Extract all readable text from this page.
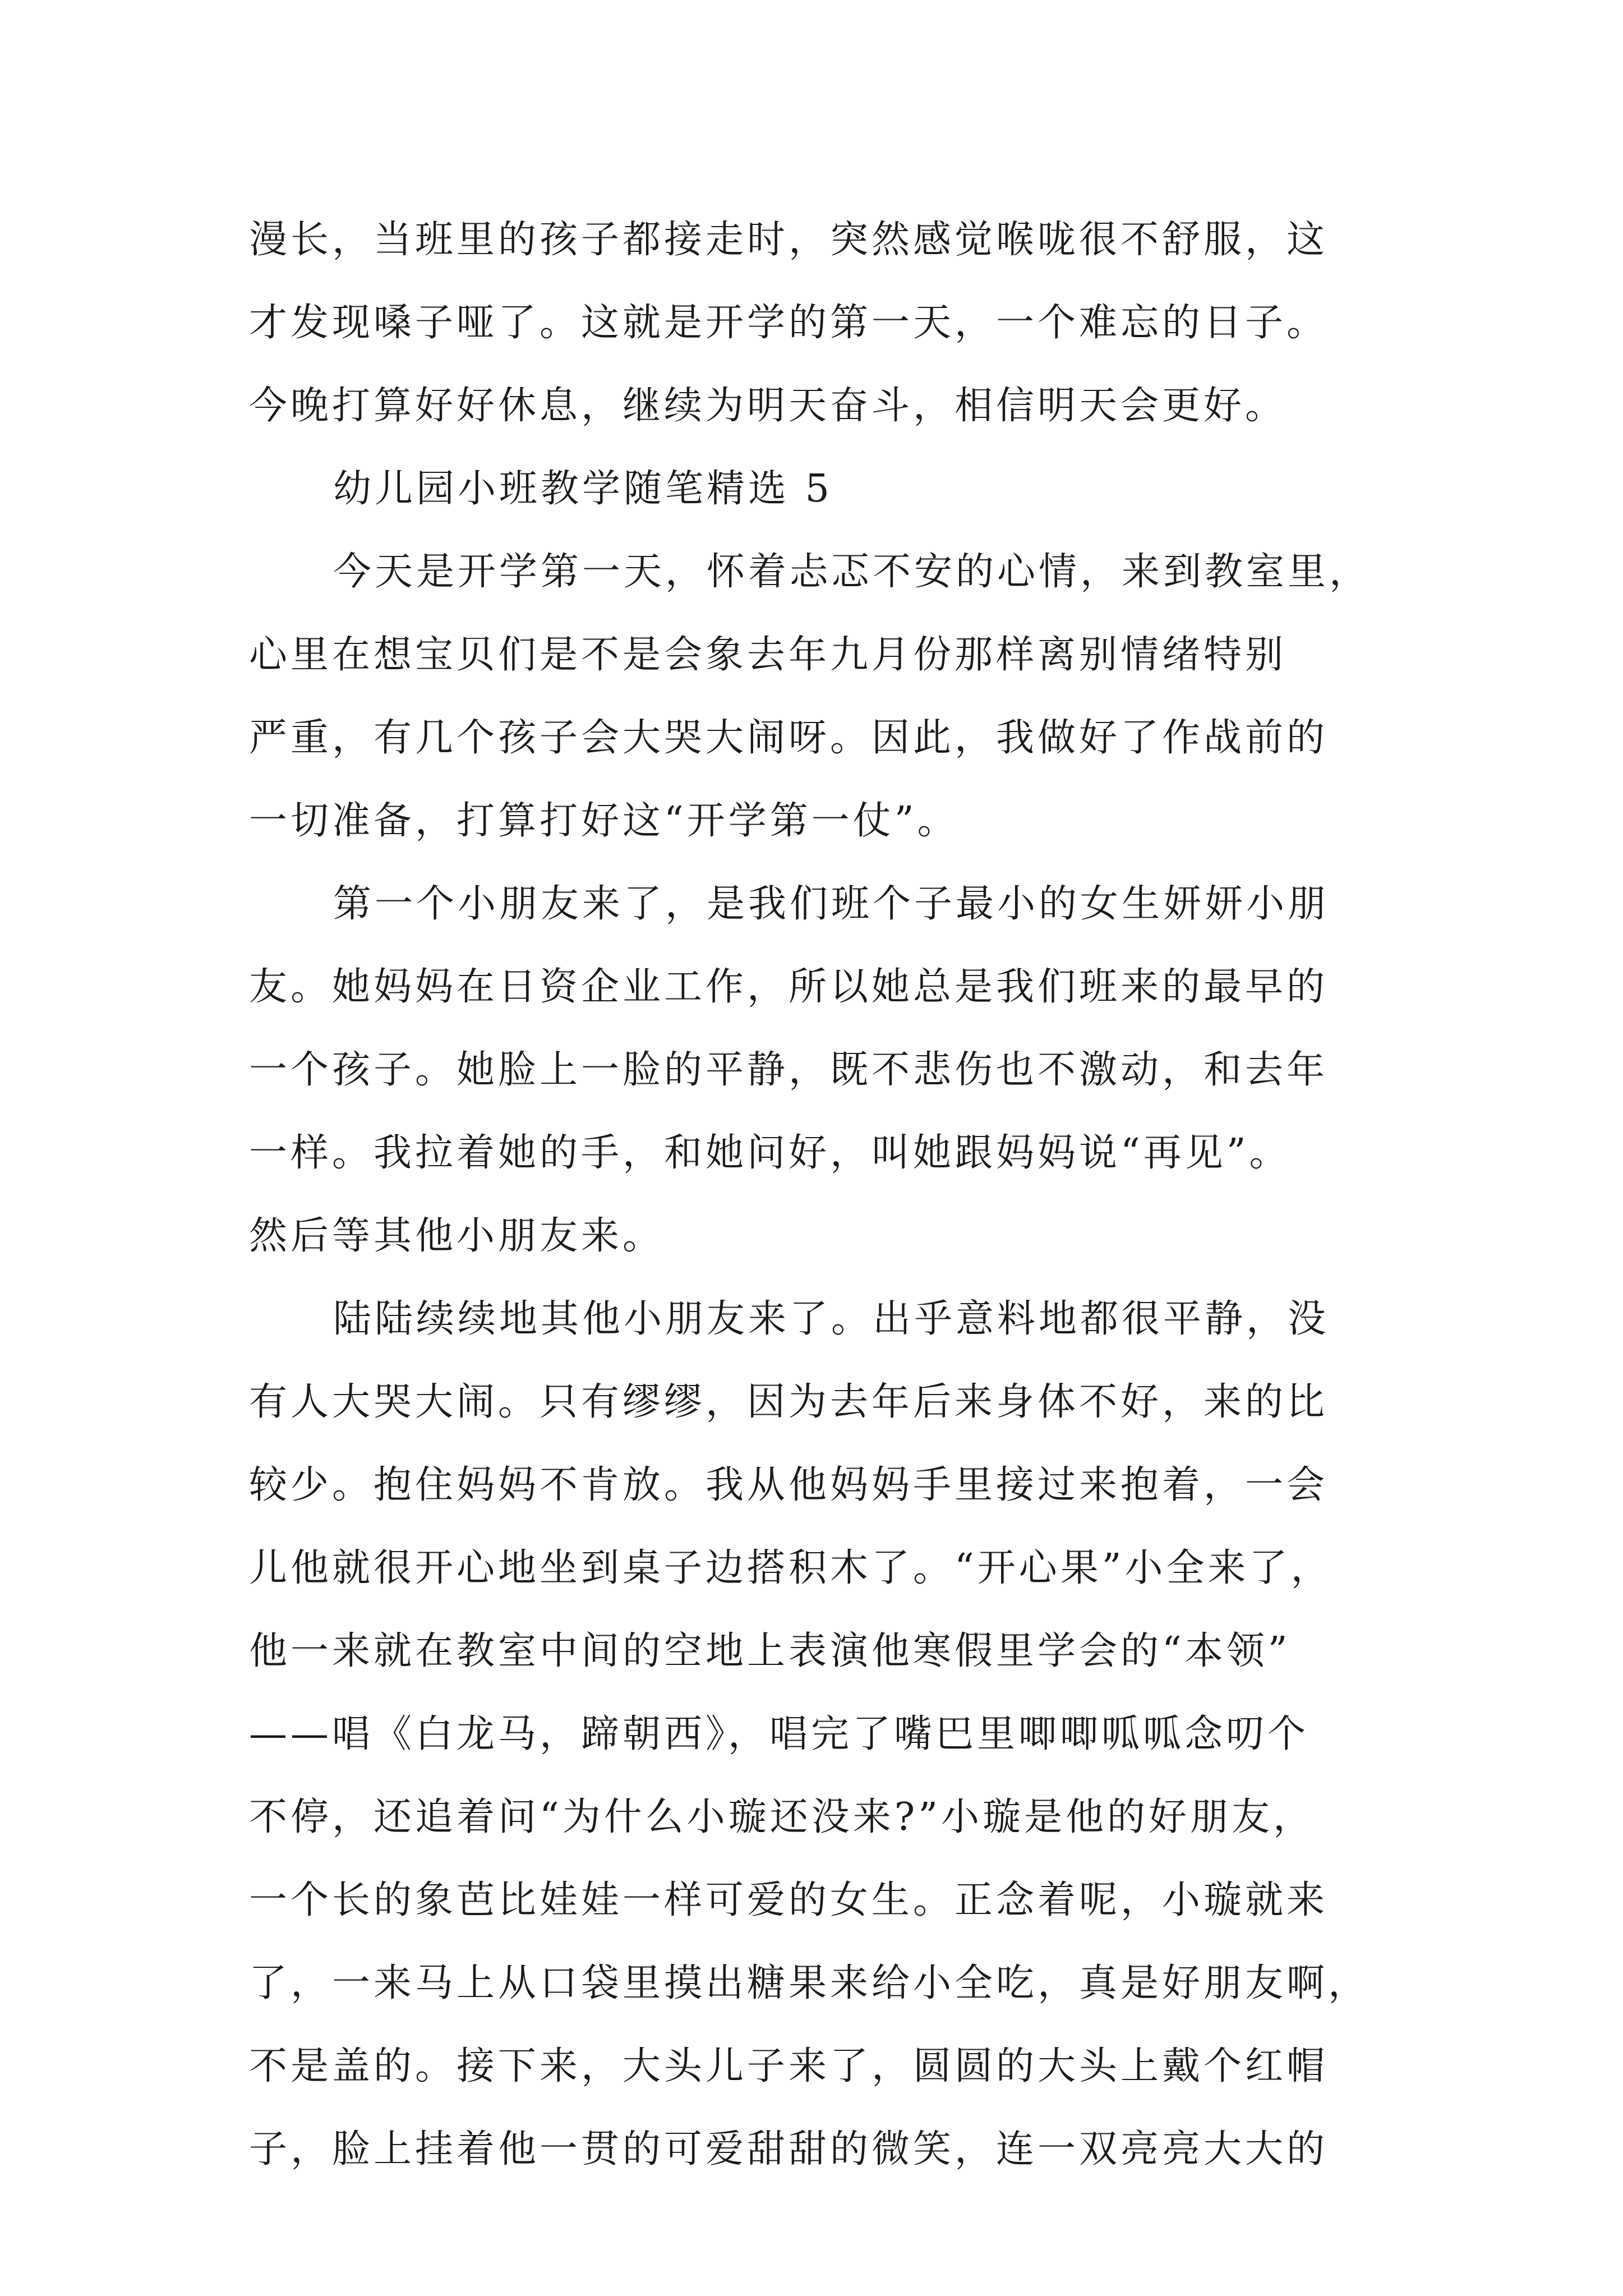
漫长，当班里的孩子都接走时，突然感觉喉咙很不舒服，这
才发现嗓子哑了。这就是开学的第一天，一个难忘的日子。
今晚打算好好休息，继续为明天奋斗，相信明天会更好。
幼儿园小班教学随笔精选 5
今天是开学第一天，怀着忐忑不安的心情，来到教室里，
心里在想宝贝们是不是会象去年九月份那样离别情绪特别
严重，有几个孩子会大哭大闹呀。因此，我做好了作战前的
一切准备，打算打好这“开学第一仗”。
第一个小朋友来了，是我们班个子最小的女生妍妍小朋
友。她妈妈在日资企业工作，所以她总是我们班来的最早的
一个孩子。她脸上一脸的平静，既不悲伤也不激动，和去年
一样。我拉着她的手，和她问好，叫她跟妈妈说“再见”。
然后等其他小朋友来。
陆陆续续地其他小朋友来了。出乎意料地都很平静，没
有人大哭大闹。只有缪缪，因为去年后来身体不好，来的比
较少。抱住妈妈不肯放。我从他妈妈手里接过来抱着，一会
儿他就很开心地坐到桌子边搭积木了。“开心果”小全来了，
他一来就在教室中间的空地上表演他寒假里学会的“本领”
——唱《白龙马，蹄朝西》，唱完了嘴巴里唧唧呱呱念叨个
不停，还追着问“为什么小璇还没来?”小璇是他的好朋友，
一个长的象芭比娃娃一样可爱的女生。正念着呢，小璇就来
了，一来马上从口袋里摸出糖果来给小全吃，真是好朋友啊，
不是盖的。接下来，大头儿子来了，圆圆的大头上戴个红帽
子，脸上挂着他一贯的可爱甜甜的微笑，连一双亮亮大大的
